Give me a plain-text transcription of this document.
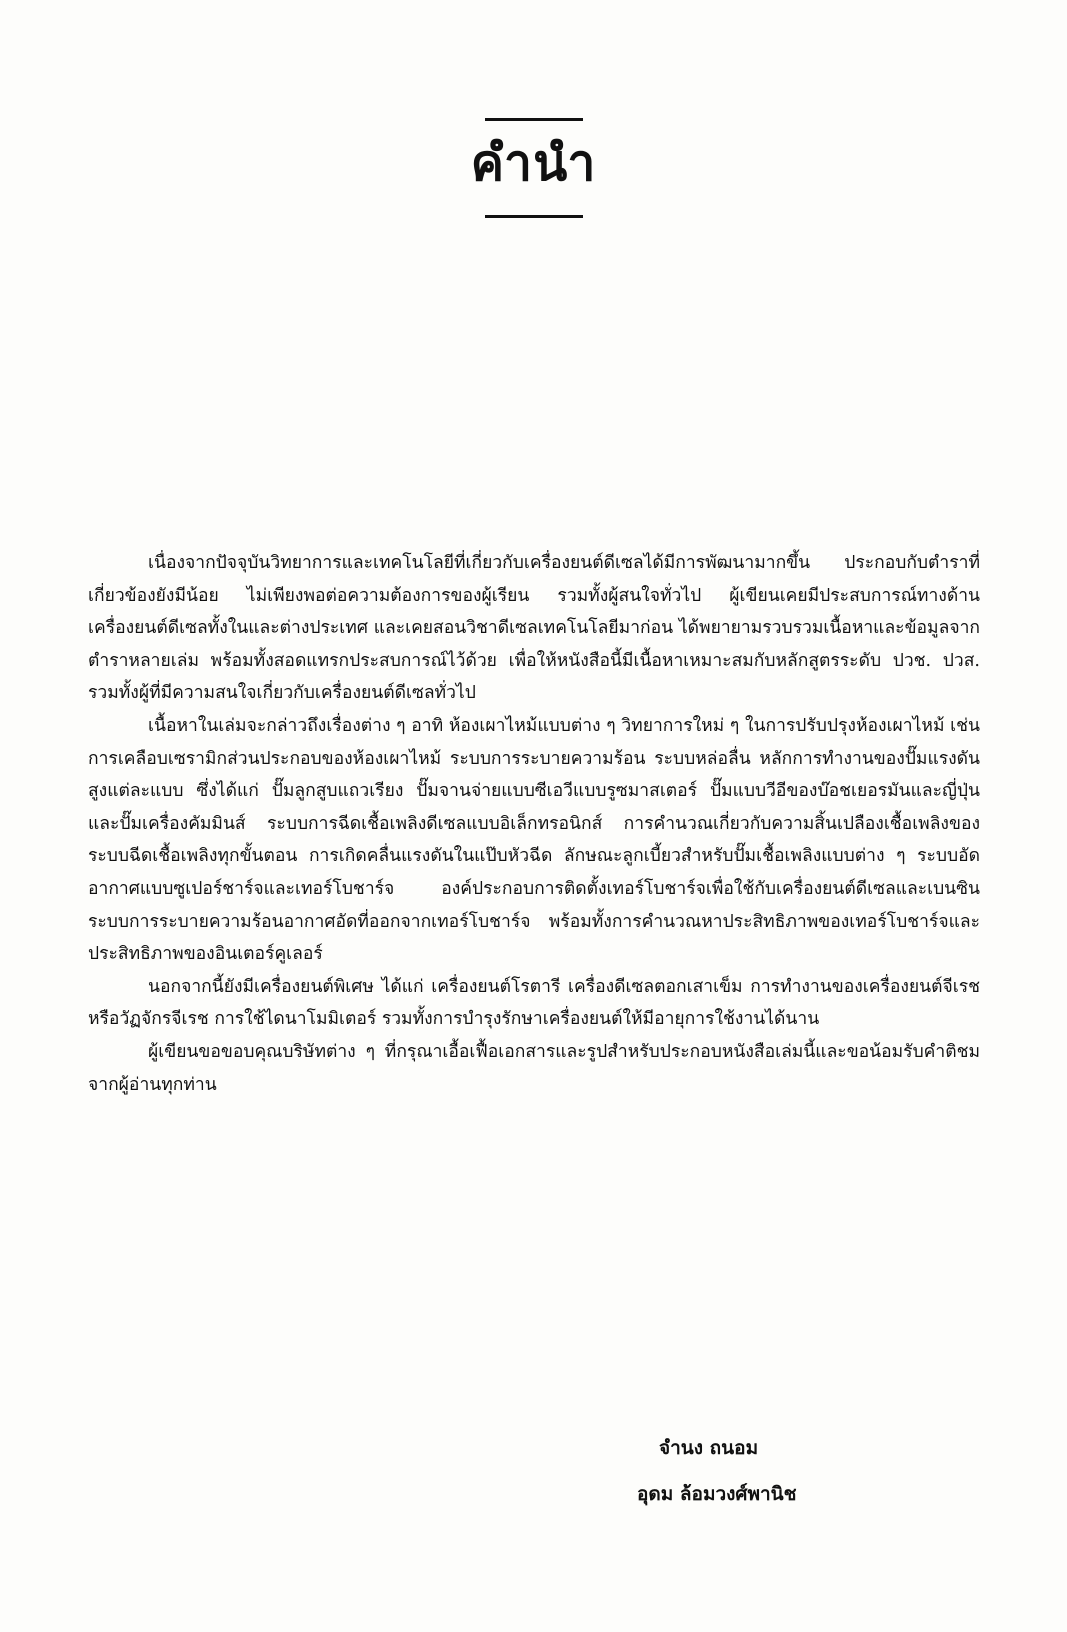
คำนำ

เนื่องจากปัจจุบันวิทยาการและเทคโนโลยีที่เกี่ยวกับเครื่องยนต์ดีเซลได้มีการพัฒนามากขึ้น ประกอบกับตำราที่เกี่ยวข้องยังมีน้อย ไม่เพียงพอต่อความต้องการของผู้เรียน รวมทั้งผู้สนใจทั่วไป ผู้เขียนเคยมีประสบการณ์ทางด้านเครื่องยนต์ดีเซลทั้งในและต่างประเทศ และเคยสอนวิชาดีเซลเทคโนโลยีมาก่อน ได้พยายามรวบรวมเนื้อหาและข้อมูลจากตำราหลายเล่ม พร้อมทั้งสอดแทรกประสบการณ์ไว้ด้วย เพื่อให้หนังสือนี้มีเนื้อหาเหมาะสมกับหลักสูตรระดับ ปวช. ปวส. รวมทั้งผู้ที่มีความสนใจเกี่ยวกับเครื่องยนต์ดีเซลทั่วไป

เนื้อหาในเล่มจะกล่าวถึงเรื่องต่าง ๆ อาทิ ห้องเผาไหม้แบบต่าง ๆ วิทยาการใหม่ ๆ ในการปรับปรุงห้องเผาไหม้ เช่น การเคลือบเซรามิกส่วนประกอบของห้องเผาไหม้ ระบบการระบายความร้อน ระบบหล่อลื่น หลักการทำงานของปั๊มแรงดันสูงแต่ละแบบ ซึ่งได้แก่ ปั๊มลูกสูบแถวเรียง ปั๊มจานจ่ายแบบซีเอวีแบบรูซมาสเตอร์ ปั๊มแบบวีอีของบ๊อชเยอรมันและญี่ปุ่น และปั๊มเครื่องคัมมินส์ ระบบการฉีดเชื้อเพลิงดีเซลแบบอิเล็กทรอนิกส์ การคำนวณเกี่ยวกับความสิ้นเปลืองเชื้อเพลิงของระบบฉีดเชื้อเพลิงทุกขั้นตอน การเกิดคลื่นแรงดันในแป๊บหัวฉีด ลักษณะลูกเบี้ยวสำหรับปั๊มเชื้อเพลิงแบบต่าง ๆ ระบบอัดอากาศแบบซูเปอร์ชาร์จและเทอร์โบชาร์จ องค์ประกอบการติดตั้งเทอร์โบชาร์จเพื่อใช้กับเครื่องยนต์ดีเซลและเบนซิน ระบบการระบายความร้อนอากาศอัดที่ออกจากเทอร์โบชาร์จ พร้อมทั้งการคำนวณหาประสิทธิภาพของเทอร์โบชาร์จและประสิทธิภาพของอินเตอร์คูเลอร์

นอกจากนี้ยังมีเครื่องยนต์พิเศษ ได้แก่ เครื่องยนต์โรตารี เครื่องดีเซลตอกเสาเข็ม การทำงานของเครื่องยนต์จีเรชหรือวัฏจักรจีเรช การใช้ไดนาโมมิเตอร์ รวมทั้งการบำรุงรักษาเครื่องยนต์ให้มีอายุการใช้งานได้นาน

ผู้เขียนขอขอบคุณบริษัทต่าง ๆ ที่กรุณาเอื้อเฟื้อเอกสารและรูปสำหรับประกอบหนังสือเล่มนี้และขอน้อมรับคำติชมจากผู้อ่านทุกท่าน

จำนง ถนอม
อุดม ล้อมวงศ์พานิช
